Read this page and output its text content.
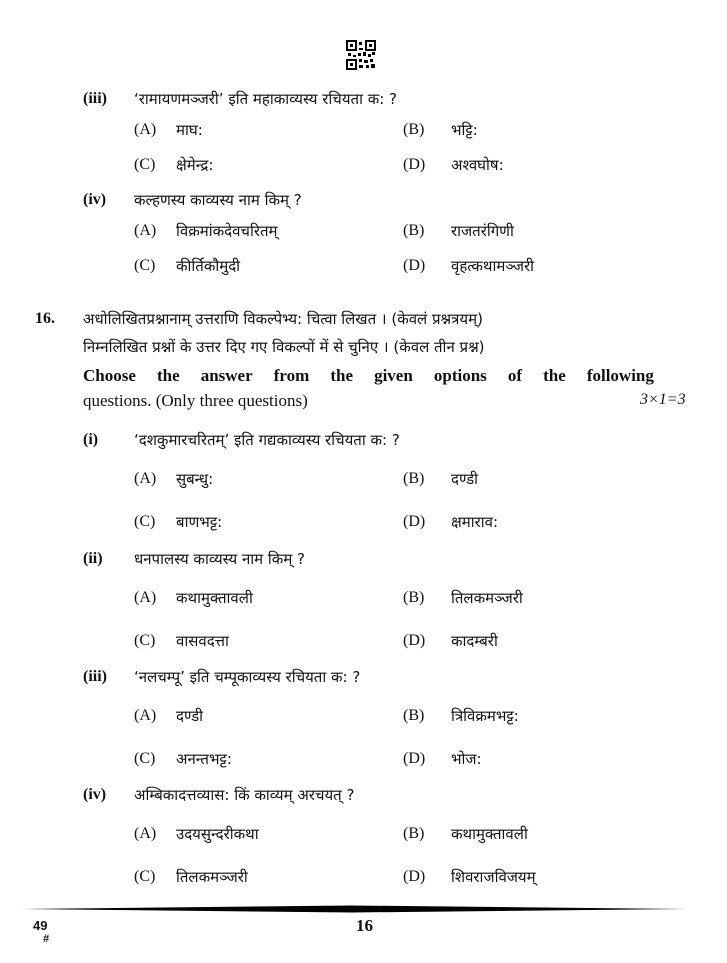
(iii) ‘रामायणमञ्जरी’ इति महाकाव्यस्य रचियता क: ?
(A) माघ:	(B) भट्टि:
(C) क्षेमेन्द्र:	(D) अश्वघोष:
(iv) कल्हणस्य काव्यस्य नाम किम् ?
(A) विक्रमांकदेवचरितम्	(B) राजतरंगिणी
(C) कीर्तिकौमुदी	(D) वृहत्कथामञ्जरी
16. अधोलिखितप्रश्नानाम् उत्तराणि विकल्पेभ्य: चित्वा लिखत । (केवलं प्रश्नत्रयम्)
निम्नलिखित प्रश्नों के उत्तर दिए गए विकल्पों में से चुनिए । (केवल तीन प्रश्न)
Choose the answer from the given options of the following
questions. (Only three questions)	3×1=3
(i) ‘दशकुमारचरितम्’ इति गद्यकाव्यस्य रचियता क: ?
(A) सुबन्धु:	(B) दण्डी
(C) बाणभट्ट:	(D) क्षमाराव:
(ii) धनपालस्य काव्यस्य नाम किम् ?
(A) कथामुक्तावली	(B) तिलकमञ्जरी
(C) वासवदत्ता	(D) कादम्बरी
(iii) ‘नलचम्पू’ इति चम्पूकाव्यस्य रचियता क: ?
(A) दण्डी	(B) त्रिविक्रमभट्ट:
(C) अनन्तभट्ट:	(D) भोज:
(iv) अम्बिकादत्तव्यास: किं काव्यम् अरचयत् ?
(A) उदयसुन्दरीकथा	(B) कथामुक्तावली
(C) तिलकमञ्जरी	(D) शिवराजविजयम्
49
#
16
